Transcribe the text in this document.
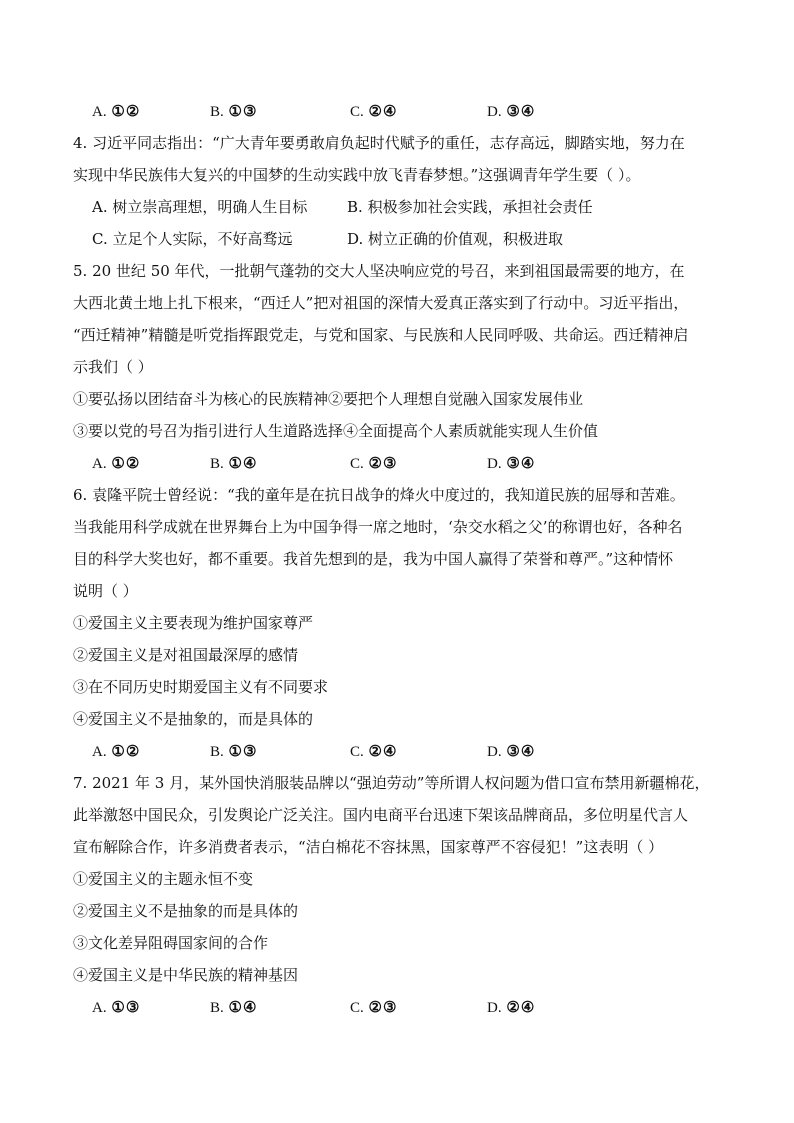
A. ①②	B. ①③	C. ②④	D. ③④
4. 习近平同志指出：“广大青年要勇敢肩负起时代赋予的重任，志存高远，脚踏实地，努力在
实现中华民族伟大复兴的中国梦的生动实践中放飞青春梦想。”这强调青年学生要（ ）。
A. 树立崇高理想，明确人生目标	B. 积极参加社会实践，承担社会责任
C. 立足个人实际，不好高骛远	D. 树立正确的价值观，积极进取
5. 20 世纪 50 年代，一批朝气蓬勃的交大人坚决响应党的号召，来到祖国最需要的地方，在
大西北黄土地上扎下根来，“西迁人”把对祖国的深情大爱真正落实到了行动中。习近平指出，
“西迁精神”精髓是听党指挥跟党走，与党和国家、与民族和人民同呼吸、共命运。西迁精神启
示我们（ ）
①要弘扬以团结奋斗为核心的民族精神②要把个人理想自觉融入国家发展伟业
③要以党的号召为指引进行人生道路选择④全面提高个人素质就能实现人生价值
A. ①②	B. ①④	C. ②③	D. ③④
6. 袁隆平院士曾经说：“我的童年是在抗日战争的烽火中度过的，我知道民族的屈辱和苦难。
当我能用科学成就在世界舞台上为中国争得一席之地时，‘杂交水稻之父’的称谓也好，各种名
目的科学大奖也好，都不重要。我首先想到的是，我为中国人赢得了荣誉和尊严。”这种情怀
说明（ ）
①爱国主义主要表现为维护国家尊严
②爱国主义是对祖国最深厚的感情
③在不同历史时期爱国主义有不同要求
④爱国主义不是抽象的，而是具体的
A. ①②	B. ①③	C. ②④	D. ③④
7. 2021 年 3 月，某外国快消服装品牌以“强迫劳动”等所谓人权问题为借口宣布禁用新疆棉花，
此举激怒中国民众，引发舆论广泛关注。国内电商平台迅速下架该品牌商品，多位明星代言人
宣布解除合作，许多消费者表示，“洁白棉花不容抹黑，国家尊严不容侵犯！”这表明（ ）
①爱国主义的主题永恒不变
②爱国主义不是抽象的而是具体的
③文化差异阻碍国家间的合作
④爱国主义是中华民族的精神基因
A. ①③	B. ①④	C. ②③	D. ②④
